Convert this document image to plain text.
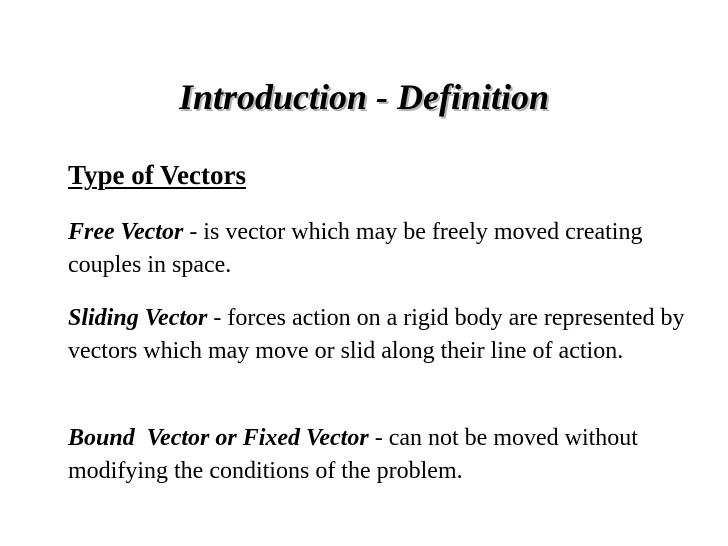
Introduction - Definition
Type of Vectors
Free Vector - is vector which may be freely moved creating couples in space.
Sliding Vector - forces action on a rigid body are represented by vectors which may move or slid along their line of action.
Bound  Vector or Fixed Vector - can not be moved without modifying the conditions of the problem.
